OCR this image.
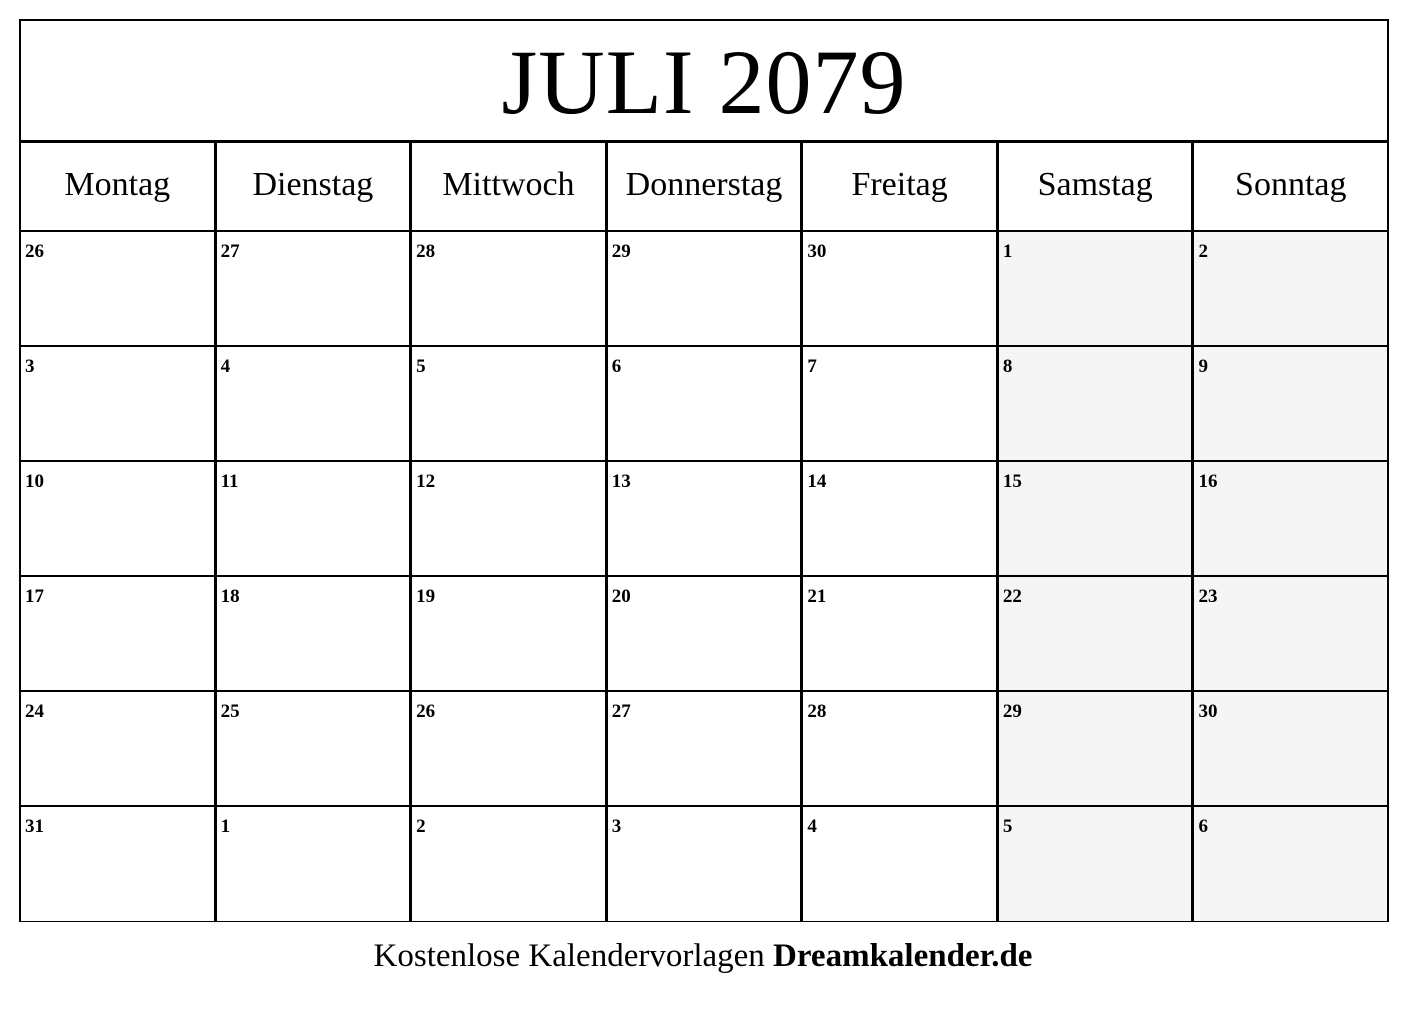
JULI 2079
Montag	Dienstag	Mittwoch	Donnerstag	Freitag	Samstag	Sonntag
26	27	28	29	30	1	2
3	4	5	6	7	8	9
10	11	12	13	14	15	16
17	18	19	20	21	22	23
24	25	26	27	28	29	30
31	1	2	3	4	5	6
Kostenlose Kalendervorlagen Dreamkalender.de
